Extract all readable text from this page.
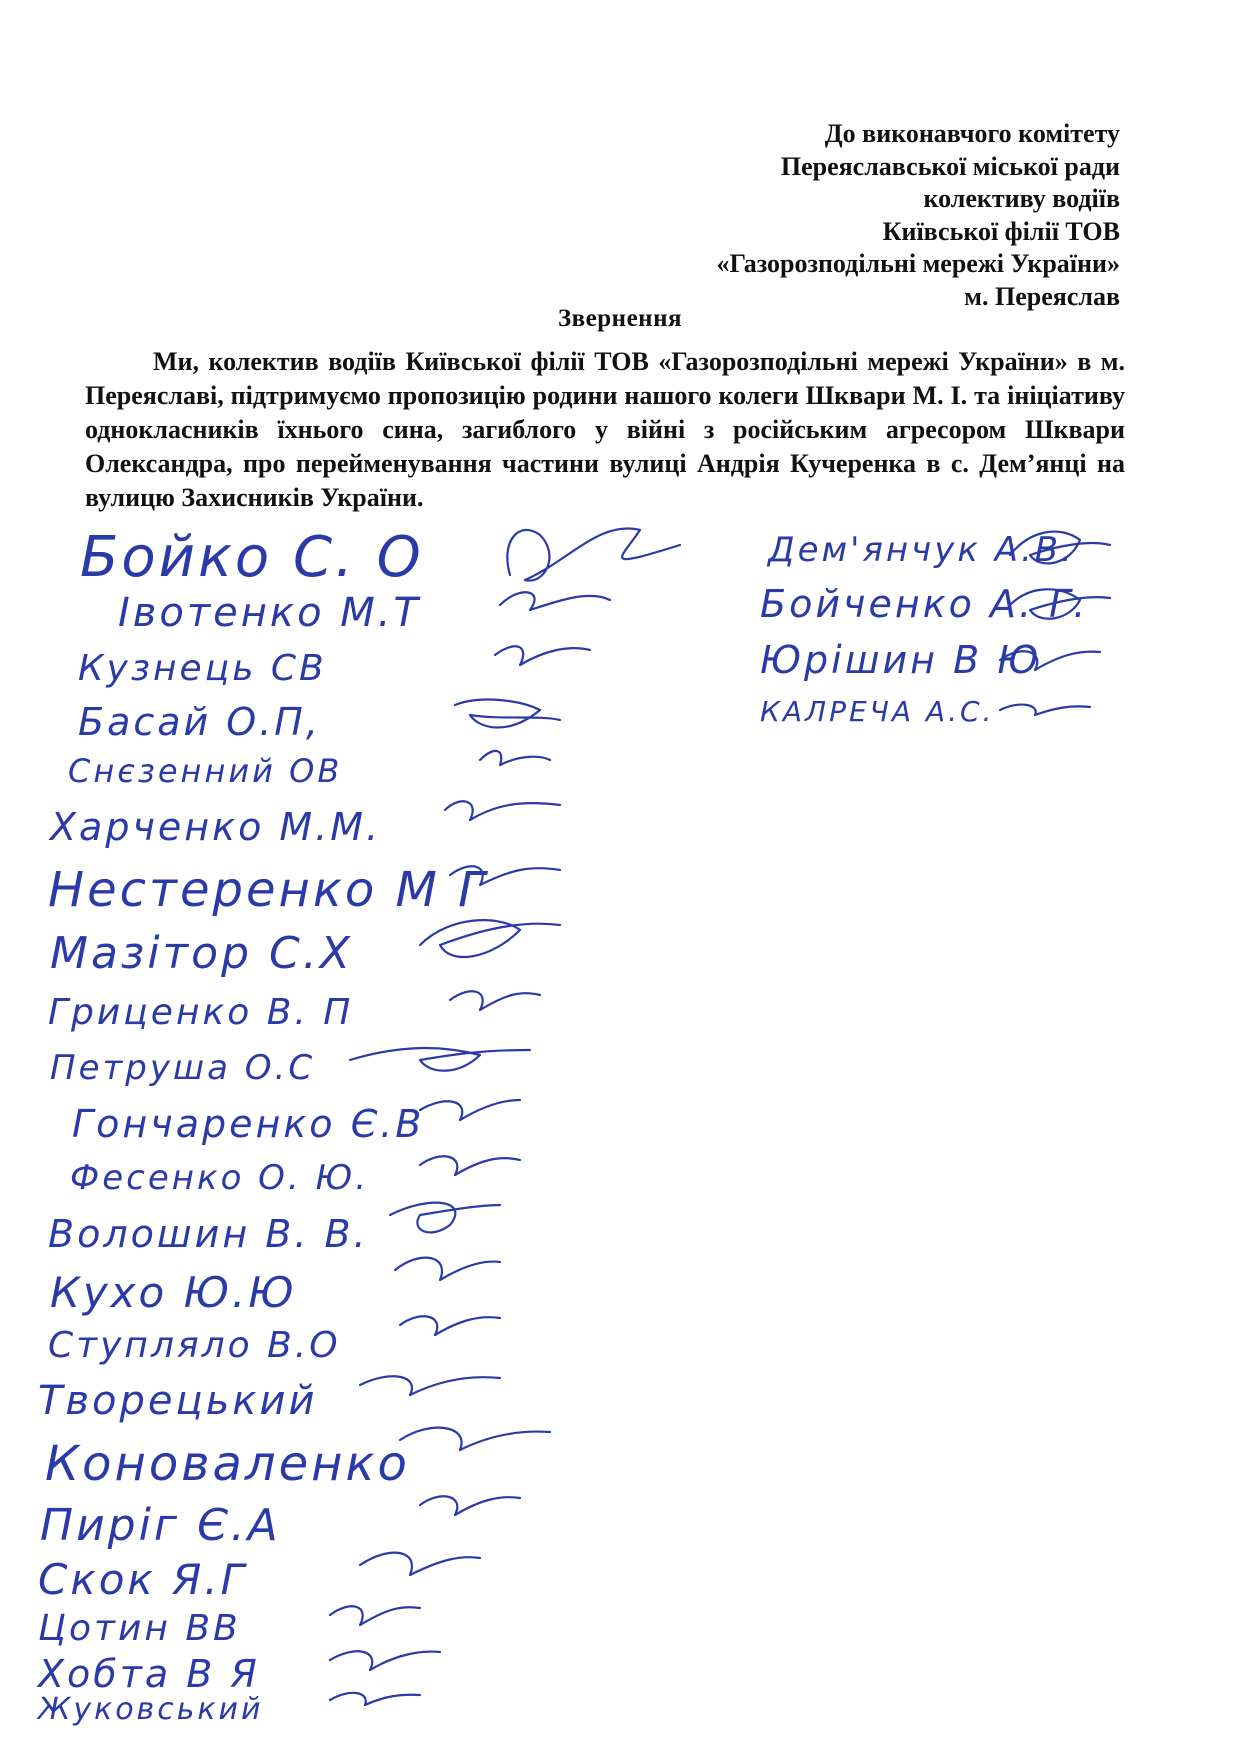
До виконавчого комітету
Переяславської міської ради
колективу водіїв
Київської філії ТОВ
«Газорозподільні мережі України»
м. Переяслав
Звернення
Ми, колектив водіїв Київської філії ТОВ «Газорозподільні мережі України» в м. Переяславі, підтримуємо пропозицію родини нашого колеги Шквари М. І. та ініціативу однокласників їхнього сина, загиблого у війні з російським агресором Шквари Олександра, про перейменування частини вулиці Андрія Кучеренка в с. Дем’янці на вулицю Захисників України.
Бойко С. О
Івотенко М.Т
Кузнець СВ
Басай О.П,
Снєзенний ОВ
Харченко М.М.
Нестеренко М Г
Мазітор С.Х
Гриценко В. П
Петруша О.С
Гончаренко Є.В
Фесенко О. Ю.
Волошин В. В.
Кухо Ю.Ю
Ступляло В.О
Творецький
Коноваленко
Пиріг Є.А
Скок Я.Г
Цотин ВВ
Хобта В Я
Жуковський
Дем'янчук А.В.
Бойченко А. Г.
Юрішин В Ю
КАЛРЕЧА А.С.
